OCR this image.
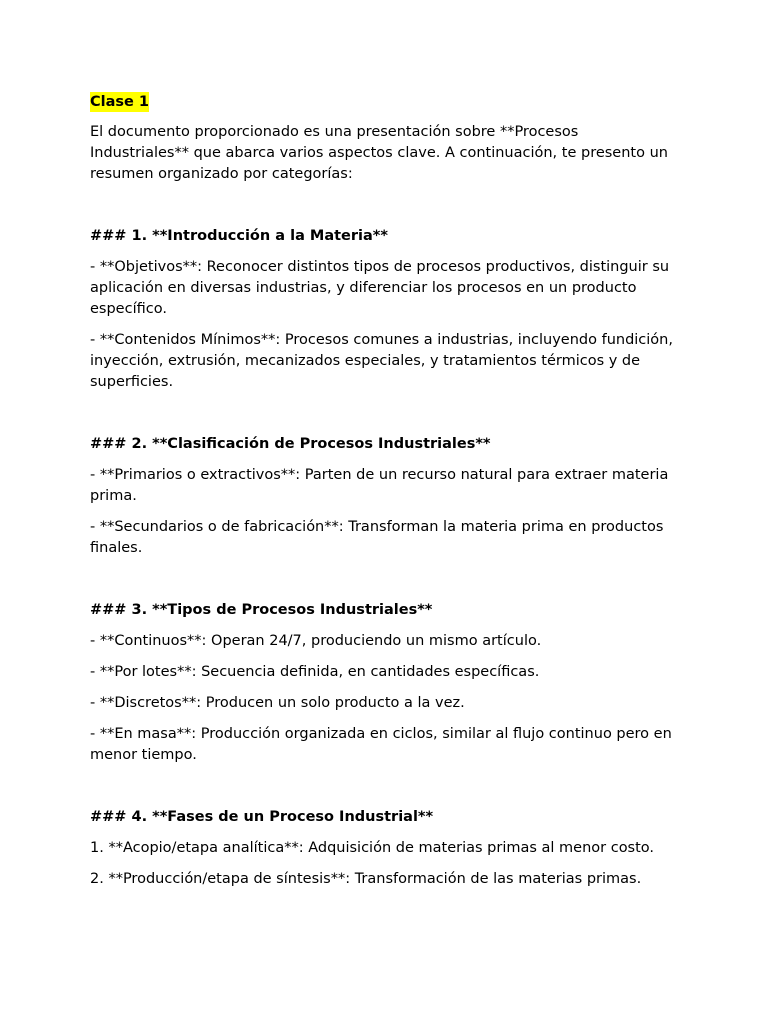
Clase 1

El documento proporcionado es una presentación sobre **Procesos Industriales** que abarca varios aspectos clave. A continuación, te presento un resumen organizado por categorías:

### 1. **Introducción a la Materia**

- **Objetivos**: Reconocer distintos tipos de procesos productivos, distinguir su aplicación en diversas industrias, y diferenciar los procesos en un producto específico.

- **Contenidos Mínimos**: Procesos comunes a industrias, incluyendo fundición, inyección, extrusión, mecanizados especiales, y tratamientos térmicos y de superficies.

### 2. **Clasificación de Procesos Industriales**

- **Primarios o extractivos**: Parten de un recurso natural para extraer materia prima.

- **Secundarios o de fabricación**: Transforman la materia prima en productos finales.

### 3. **Tipos de Procesos Industriales**

- **Continuos**: Operan 24/7, produciendo un mismo artículo.

- **Por lotes**: Secuencia definida, en cantidades específicas.

- **Discretos**: Producen un solo producto a la vez.

- **En masa**: Producción organizada en ciclos, similar al flujo continuo pero en menor tiempo.

### 4. **Fases de un Proceso Industrial**

1. **Acopio/etapa analítica**: Adquisición de materias primas al menor costo.

2. **Producción/etapa de síntesis**: Transformación de las materias primas.
